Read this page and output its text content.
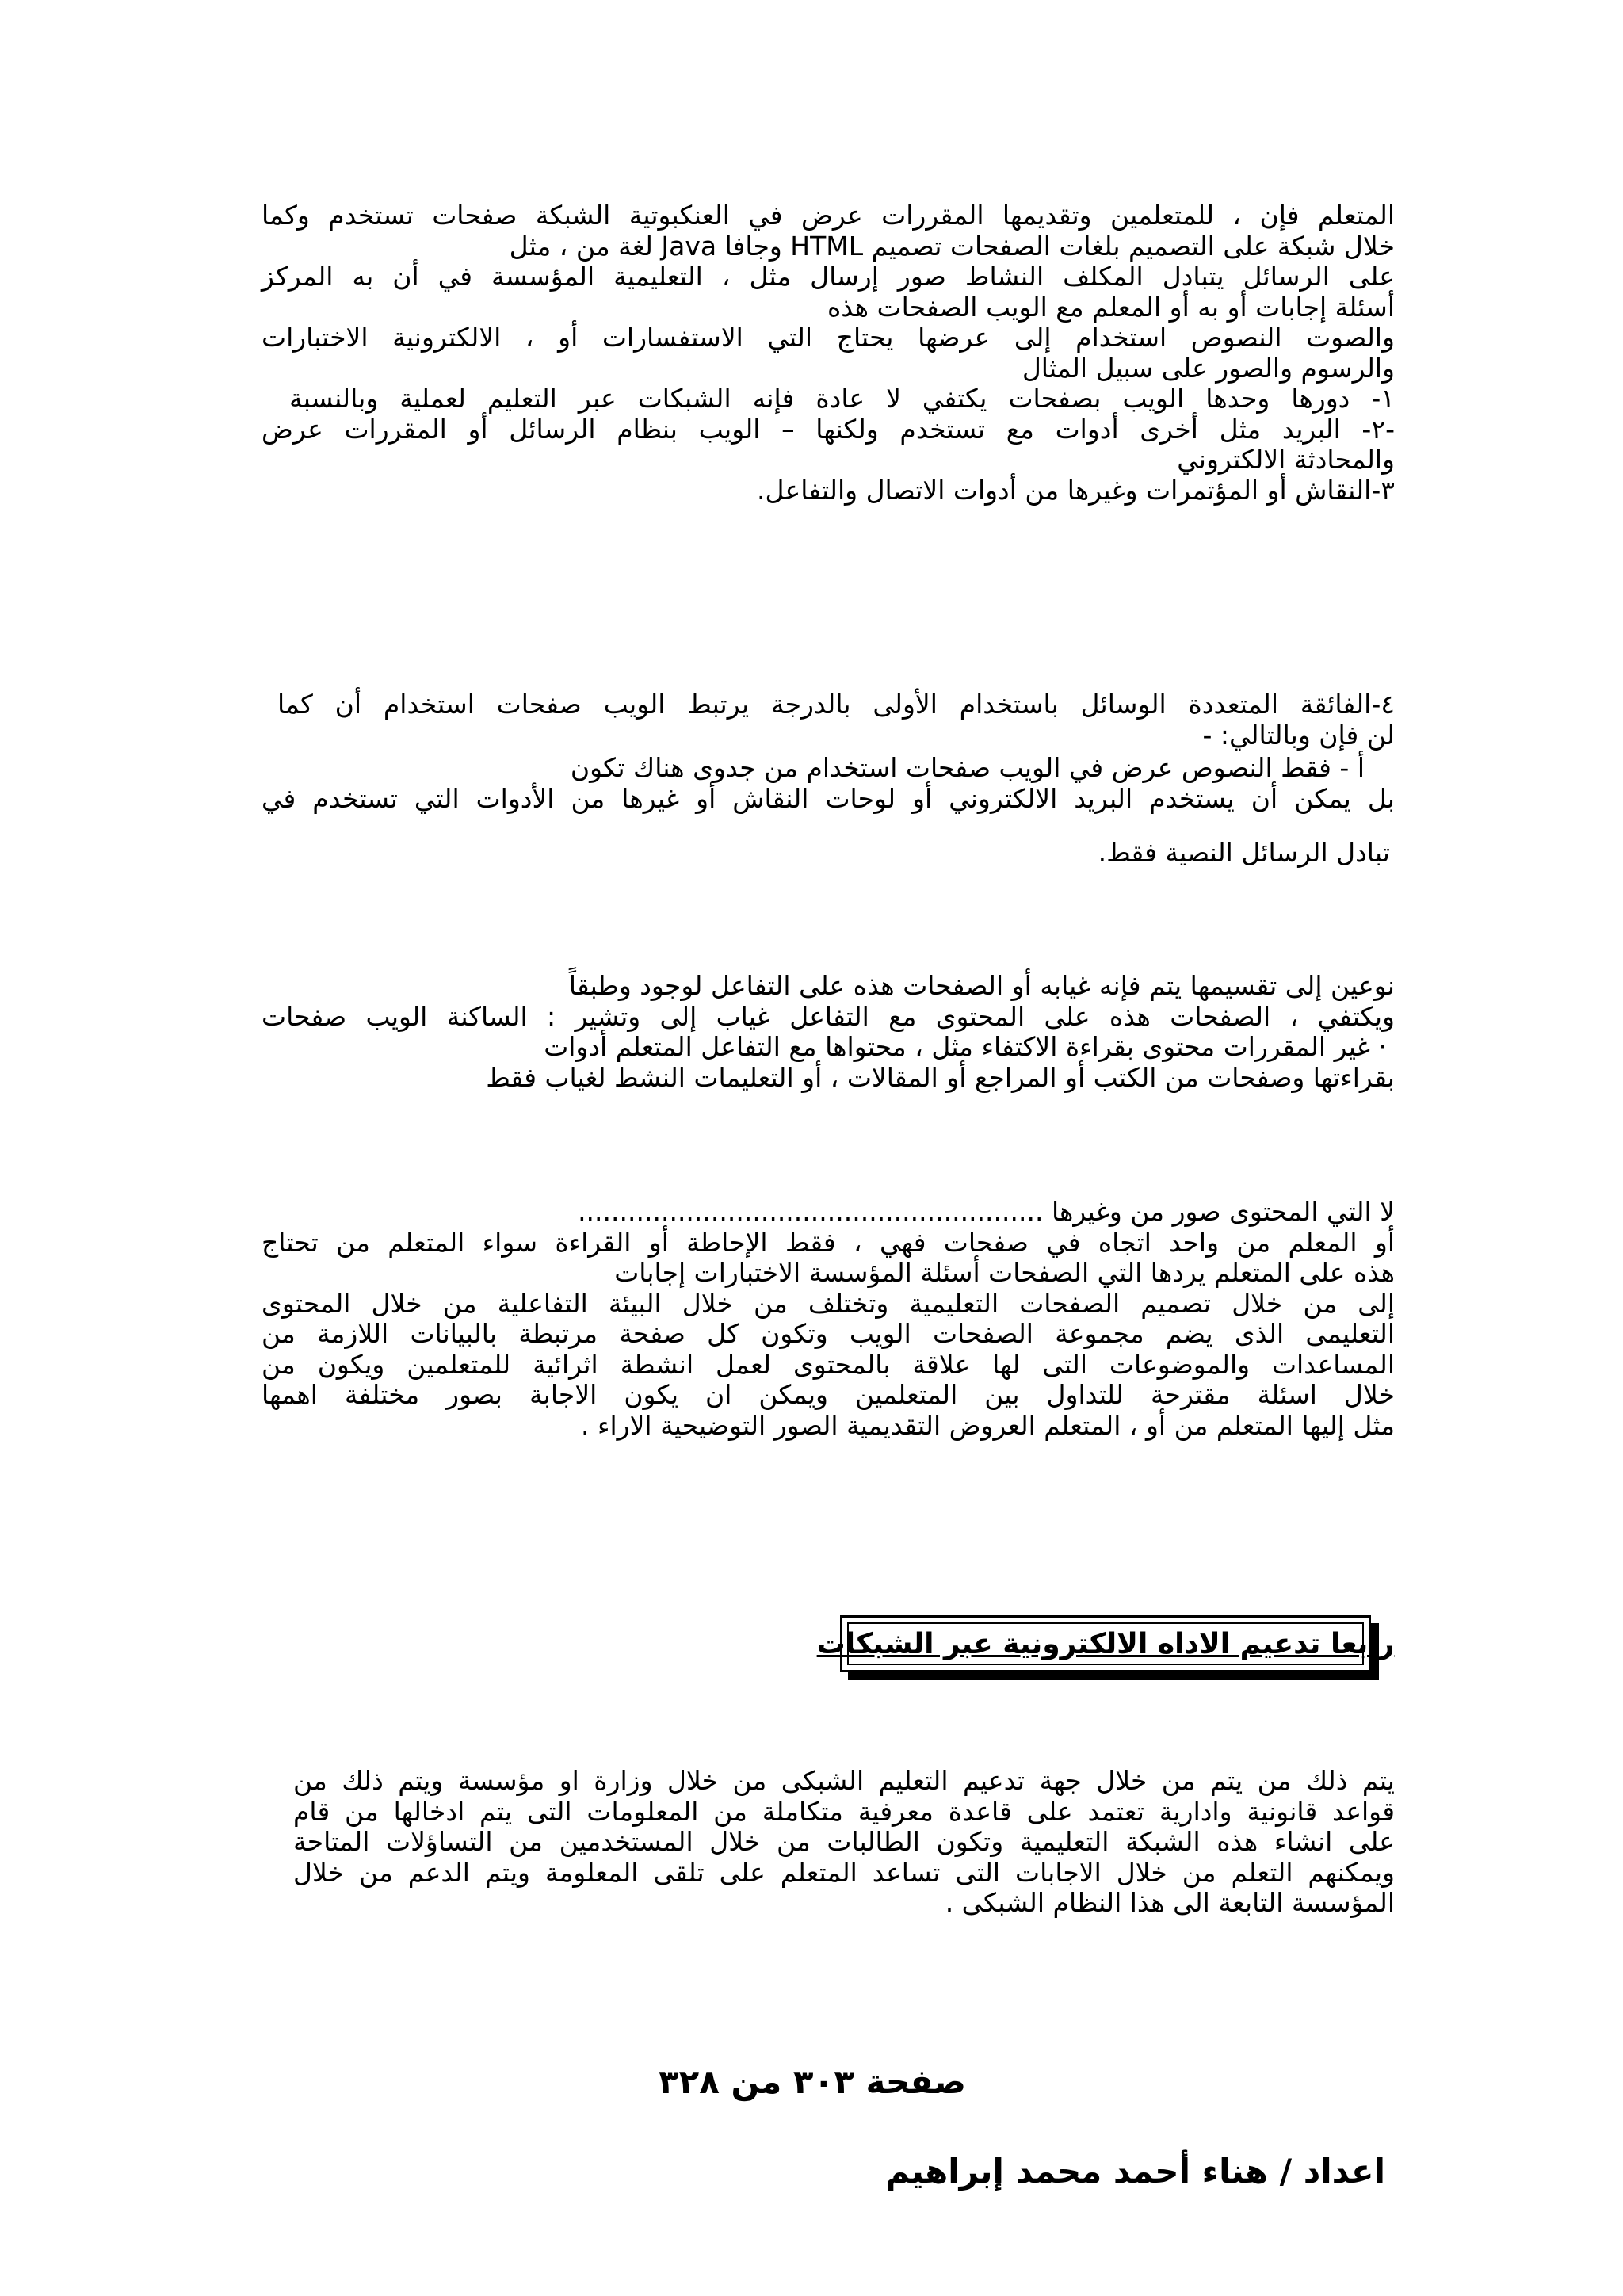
المتعلم فإن ، للمتعلمين وتقديمها المقررات عرض في العنكبوتية الشبكة صفحات تستخدم وكما
خلال شبكة على التصميم بلغات الصفحات تصميم HTML وجافا Java لغة من ، مثل
على الرسائل يتبادل المكلف النشاط صور إرسال مثل ، التعليمية المؤسسة في أن به المركز
أسئلة إجابات أو به أو المعلم مع الويب الصفحات هذه
والصوت النصوص استخدام إلى عرضها يحتاج التي الاستفسارات أو ، الالكترونية الاختبارات
والرسوم والصور على سبيل المثال
١- دورها وحدها الويب بصفحات يكتفي لا عادة فإنه الشبكات عبر التعليم لعملية وبالنسبة
-٢- البريد مثل أخرى أدوات مع تستخدم ولكنها – الويب بنظام الرسائل أو المقررات عرض
والمحادثة الالكتروني
٣-النقاش أو المؤتمرات وغيرها من أدوات الاتصال والتفاعل.
٤-الفائقة المتعددة الوسائل باستخدام الأولى بالدرجة يرتبط الويب صفحات استخدام أن كما
لن فإن وبالتالي: -
أ - فقط النصوص عرض في الويب صفحات استخدام من جدوى هناك تكون
بل يمكن أن يستخدم البريد الالكتروني أو لوحات النقاش أو غيرها من الأدوات التي تستخدم في
تبادل الرسائل النصية فقط.
نوعين إلى تقسيمها يتم فإنه غيابه أو الصفحات هذه على التفاعل لوجود وطبقاً
ويكتفي ، الصفحات هذه على المحتوى مع التفاعل غياب إلى وتشير : الساكنة الويب صفحات
· غير المقررات محتوى بقراءة الاكتفاء مثل ، محتواها مع التفاعل المتعلم أدوات
بقراءتها وصفحات من الكتب أو المراجع أو المقالات ، أو التعليمات النشط لغياب فقط
لا التي المحتوى صور من وغيرها ........................................................
أو المعلم من واحد اتجاه في صفحات فهي ، فقط الإحاطة أو القراءة سواء المتعلم من تحتاج
هذه على المتعلم يردها التي الصفحات أسئلة المؤسسة الاختبارات إجابات
إلى من خلال تصميم الصفحات التعليمية وتختلف من خلال البيئة التفاعلية من خلال المحتوى
التعليمى الذى يضم مجموعة الصفحات الويب وتكون كل صفحة مرتبطة بالبيانات اللازمة من
المساعدات والموضوعات التى لها علاقة بالمحتوى لعمل انشطة اثرائية للمتعلمين ويكون من
خلال اسئلة مقترحة للتداول بين المتعلمين ويمكن ان يكون الاجابة بصور مختلفة اهمها
مثل إليها المتعلم من أو ، المتعلم العروض التقديمية الصور التوضيحية الاراء .
رابعا تدعيم الاداه الالكترونية عبر الشبكات
يتم ذلك من يتم من خلال جهة تدعيم التعليم الشبكى من خلال وزارة او مؤسسة ويتم ذلك من
قواعد قانونية وادارية تعتمد على قاعدة معرفية متكاملة من المعلومات التى يتم ادخالها من قام
على انشاء هذه الشبكة التعليمية وتكون الطالبات من خلال المستخدمين من التساؤلات المتاحة
ويمكنهم التعلم من خلال الاجابات التى تساعد المتعلم على تلقى المعلومة ويتم الدعم من خلال
المؤسسة التابعة الى هذا النظام الشبكى .
صفحة ٣٠٣ من ٣٢٨
اعداد / هناء أحمد محمد إبراهيم
